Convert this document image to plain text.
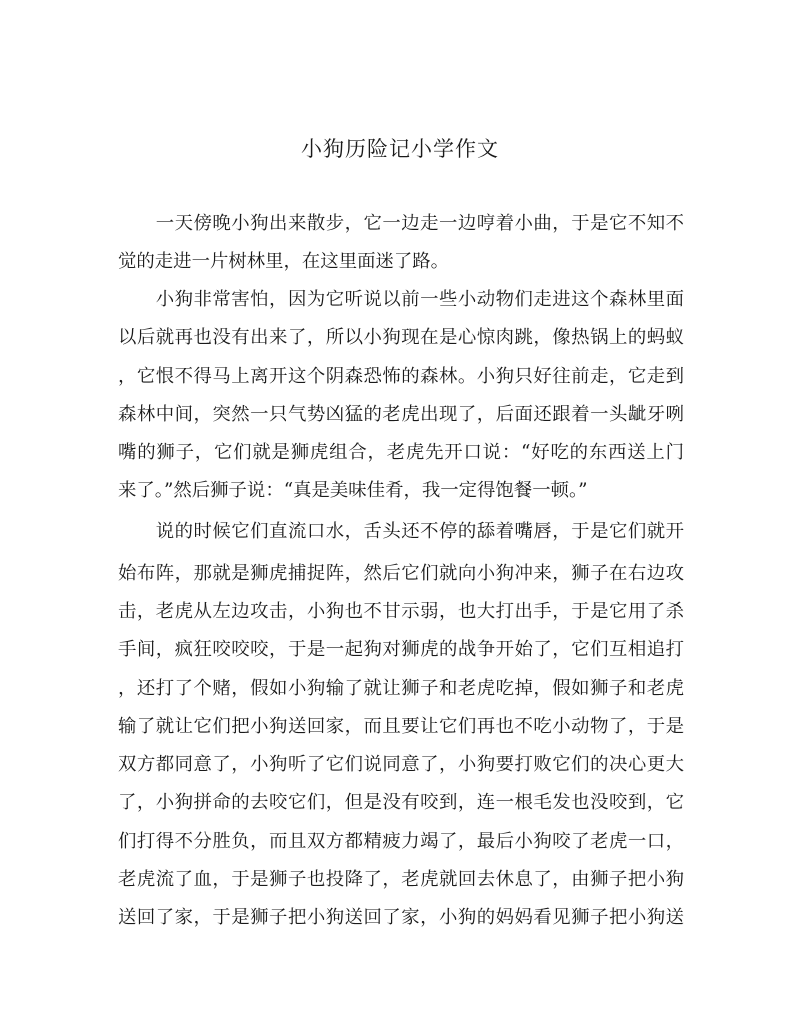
小狗历险记小学作文
　　一天傍晚小狗出来散步，它一边走一边哼着小曲，于是它不知不
觉的走进一片树林里，在这里面迷了路。
　　小狗非常害怕，因为它听说以前一些小动物们走进这个森林里面
以后就再也没有出来了，所以小狗现在是心惊肉跳，像热锅上的蚂蚁
，它恨不得马上离开这个阴森恐怖的森林。小狗只好往前走，它走到
森林中间，突然一只气势凶猛的老虎出现了，后面还跟着一头龇牙咧
嘴的狮子，它们就是狮虎组合，老虎先开口说：“好吃的东西送上门
来了。”然后狮子说：“真是美味佳肴，我一定得饱餐一顿。”
　　说的时候它们直流口水，舌头还不停的舔着嘴唇，于是它们就开
始布阵，那就是狮虎捕捉阵，然后它们就向小狗冲来，狮子在右边攻
击，老虎从左边攻击，小狗也不甘示弱，也大打出手，于是它用了杀
手间，疯狂咬咬咬，于是一起狗对狮虎的战争开始了，它们互相追打
，还打了个赌，假如小狗输了就让狮子和老虎吃掉，假如狮子和老虎
输了就让它们把小狗送回家，而且要让它们再也不吃小动物了，于是
双方都同意了，小狗听了它们说同意了，小狗要打败它们的决心更大
了，小狗拼命的去咬它们，但是没有咬到，连一根毛发也没咬到，它
们打得不分胜负，而且双方都精疲力竭了，最后小狗咬了老虎一口，
老虎流了血，于是狮子也投降了，老虎就回去休息了，由狮子把小狗
送回了家，于是狮子把小狗送回了家，小狗的妈妈看见狮子把小狗送
